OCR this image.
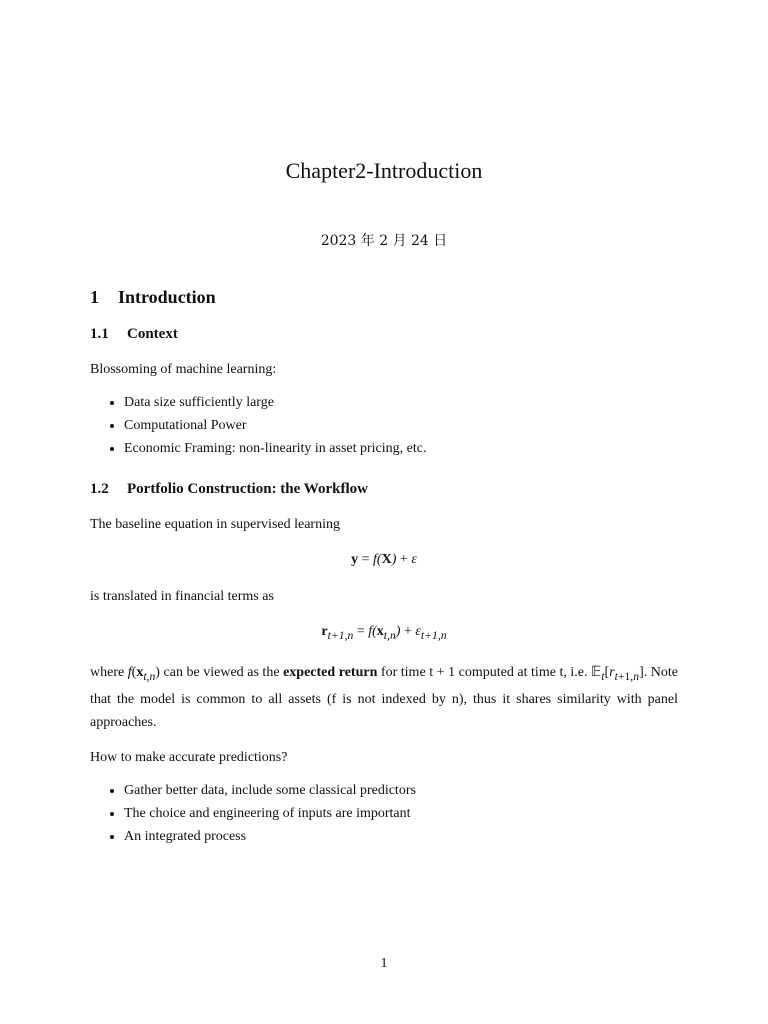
Chapter2-Introduction
2023 年 2 月 24 日
1 Introduction
1.1 Context

Blossoming of machine learning:

• Data size sufficiently large
• Computational Power
• Economic Framing: non-linearity in asset pricing, etc.
1.2 Portfolio Construction: the Workflow

The baseline equation in supervised learning

y = f(X) + ε

is translated in financial terms as

$r_{t+1,n} = f(x_{t,n}) + \varepsilon_{t+1,n}$

where $f(x_{t,n})$ can be viewed as the expected return for time t + 1 computed at time t, i.e. $𝔼_t[r_{t+1,n}]$. Note that the model is common to all assets (f is not indexed by n), thus it shares similarity with panel approaches.

How to make accurate predictions?

• Gather better data, include some classical predictors
• The choice and engineering of inputs are important
• An integrated process
1
